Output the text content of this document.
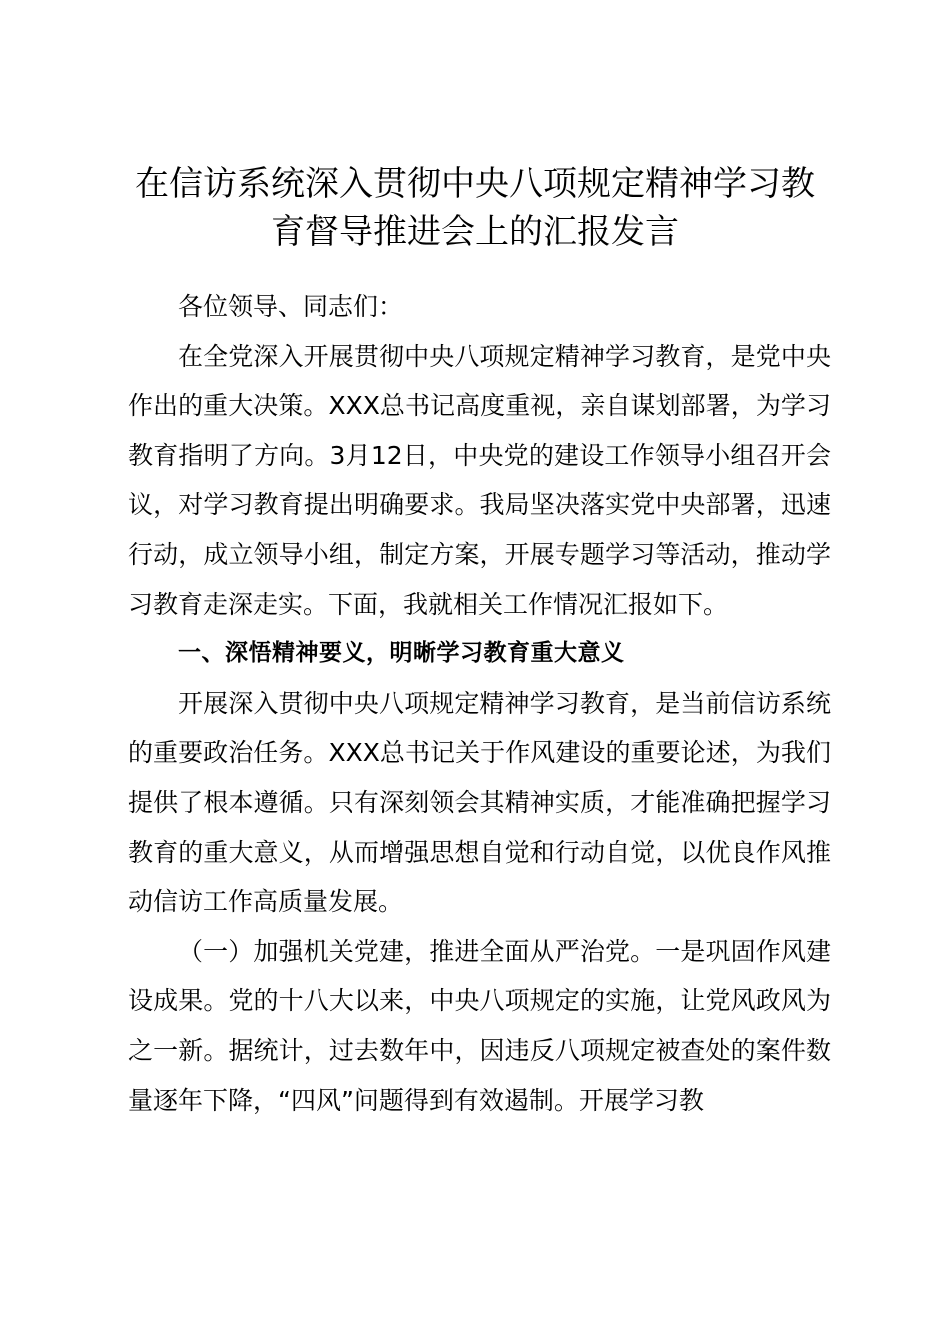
在信访系统深入贯彻中央八项规定精神学习教
育督导推进会上的汇报发言

各位领导、同志们：

在全党深入开展贯彻中央八项规定精神学习教育，是党中央作出的重大决策。XXX总书记高度重视，亲自谋划部署，为学习教育指明了方向。3月12日，中央党的建设工作领导小组召开会议，对学习教育提出明确要求。我局坚决落实党中央部署，迅速行动，成立领导小组，制定方案，开展专题学习等活动，推动学习教育走深走实。下面，我就相关工作情况汇报如下。

一、深悟精神要义，明晰学习教育重大意义

开展深入贯彻中央八项规定精神学习教育，是当前信访系统的重要政治任务。XXX总书记关于作风建设的重要论述，为我们提供了根本遵循。只有深刻领会其精神实质，才能准确把握学习教育的重大意义，从而增强思想自觉和行动自觉，以优良作风推动信访工作高质量发展。

（一）加强机关党建，推进全面从严治党。一是巩固作风建设成果。党的十八大以来，中央八项规定的实施，让党风政风为之一新。据统计，过去数年中，因违反八项规定被查处的案件数量逐年下降，“四风”问题得到有效遏制。开展学习教
